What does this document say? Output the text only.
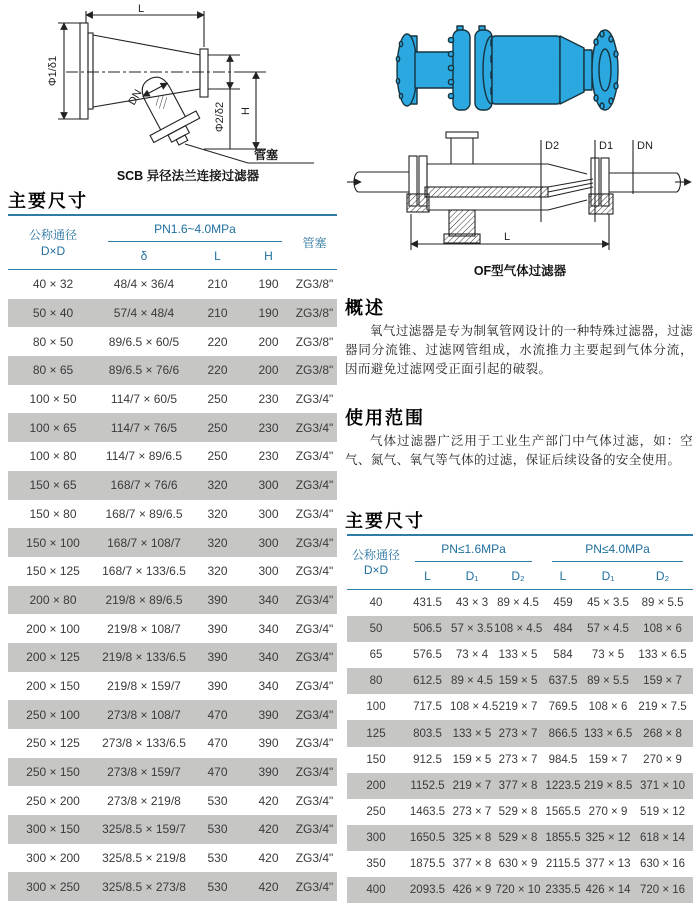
L
Φ1/δ1
Φ2/δ2 H
DN
管塞
SCB 异径法兰连接过滤器
主要尺寸
公称通径
D×D	PN1.6~4.0MPa			管塞

	δ	L	H	
40 × 32	48/4 × 36/4	210	190	ZG3/8"
50 × 40	57/4 × 48/4	210	190	ZG3/8"
80 × 50	89/6.5 × 60/5	220	200	ZG3/8"
80 × 65	89/6.5 × 76/6	220	200	ZG3/8"
100 × 50	114/7 × 60/5	250	230	ZG3/4"
100 × 65	114/7 × 76/5	250	230	ZG3/4"
100 × 80	114/7 × 89/6.5	250	230	ZG3/4"
150 × 65	168/7 × 76/6	320	300	ZG3/4"
150 × 80	168/7 × 89/6.5	320	300	ZG3/4"
150 × 100	168/7 × 108/7	320	300	ZG3/4"
150 × 125	168/7 × 133/6.5	320	300	ZG3/4"
200 × 80	219/8 × 89/6.5	390	340	ZG3/4"
200 × 100	219/8 × 108/7	390	340	ZG3/4"
200 × 125	219/8 × 133/6.5	390	340	ZG3/4"
200 × 150	219/8 × 159/7	390	340	ZG3/4"
250 × 100	273/8 × 108/7	470	390	ZG3/4"
250 × 125	273/8 × 133/6.5	470	390	ZG3/4"
250 × 150	273/8 × 159/7	470	390	ZG3/4"
250 × 200	273/8 × 219/8	530	420	ZG3/4"
300 × 150	325/8.5 × 159/7	530	420	ZG3/4"
300 × 200	325/8.5 × 219/8	530	420	ZG3/4"
300 × 250	325/8.5 × 273/8	530	420	ZG3/4"
D2	D1 DN
L
OF型气体过滤器
概述

氧气过滤器是专为制氧管网设计的一种特殊过滤器，过滤器同分流锥、过滤网管组成，水流推力主要起到气体分流，因而避免过滤网受正面引起的破裂。

使用范围

气体过滤器广泛用于工业生产部门中气体过滤，如：空气、氮气、氧气等气体的过滤，保证后续设备的安全使用。

主要尺寸
公称通径
D×D	PN≤1.6MPa			PN≤4.0MPa		

	L	D₁	D₂	L	D₁	D₂
40	431.5	43 × 3	89 × 4.5	459	45 × 3.5	89 × 5.5
50	506.5	57 × 3.5	108 × 4.5	484	57 × 4.5	108 × 6
65	576.5	73 × 4	133 × 5	584	73 × 5	133 × 6.5
80	612.5	89 × 4.5	159 × 5	637.5	89 × 5.5	159 × 7
100	717.5	108 × 4.5	219 × 7	769.5	108 × 6	219 × 7.5
125	803.5	133 × 5	273 × 7	866.5	133 × 6.5	268 × 8
150	912.5	159 × 5	273 × 7	984.5	159 × 7	270 × 9
200	1152.5	219 × 7	377 × 8	1223.5	219 × 8.5	371 × 10
250	1463.5	273 × 7	529 × 8	1565.5	270 × 9	519 × 12
300	1650.5	325 × 8	529 × 8	1855.5	325 × 12	618 × 14
350	1875.5	377 × 8	630 × 9	2115.5	377 × 13	630 × 16
400	2093.5	426 × 9	720 × 10	2335.5	426 × 14	720 × 16
